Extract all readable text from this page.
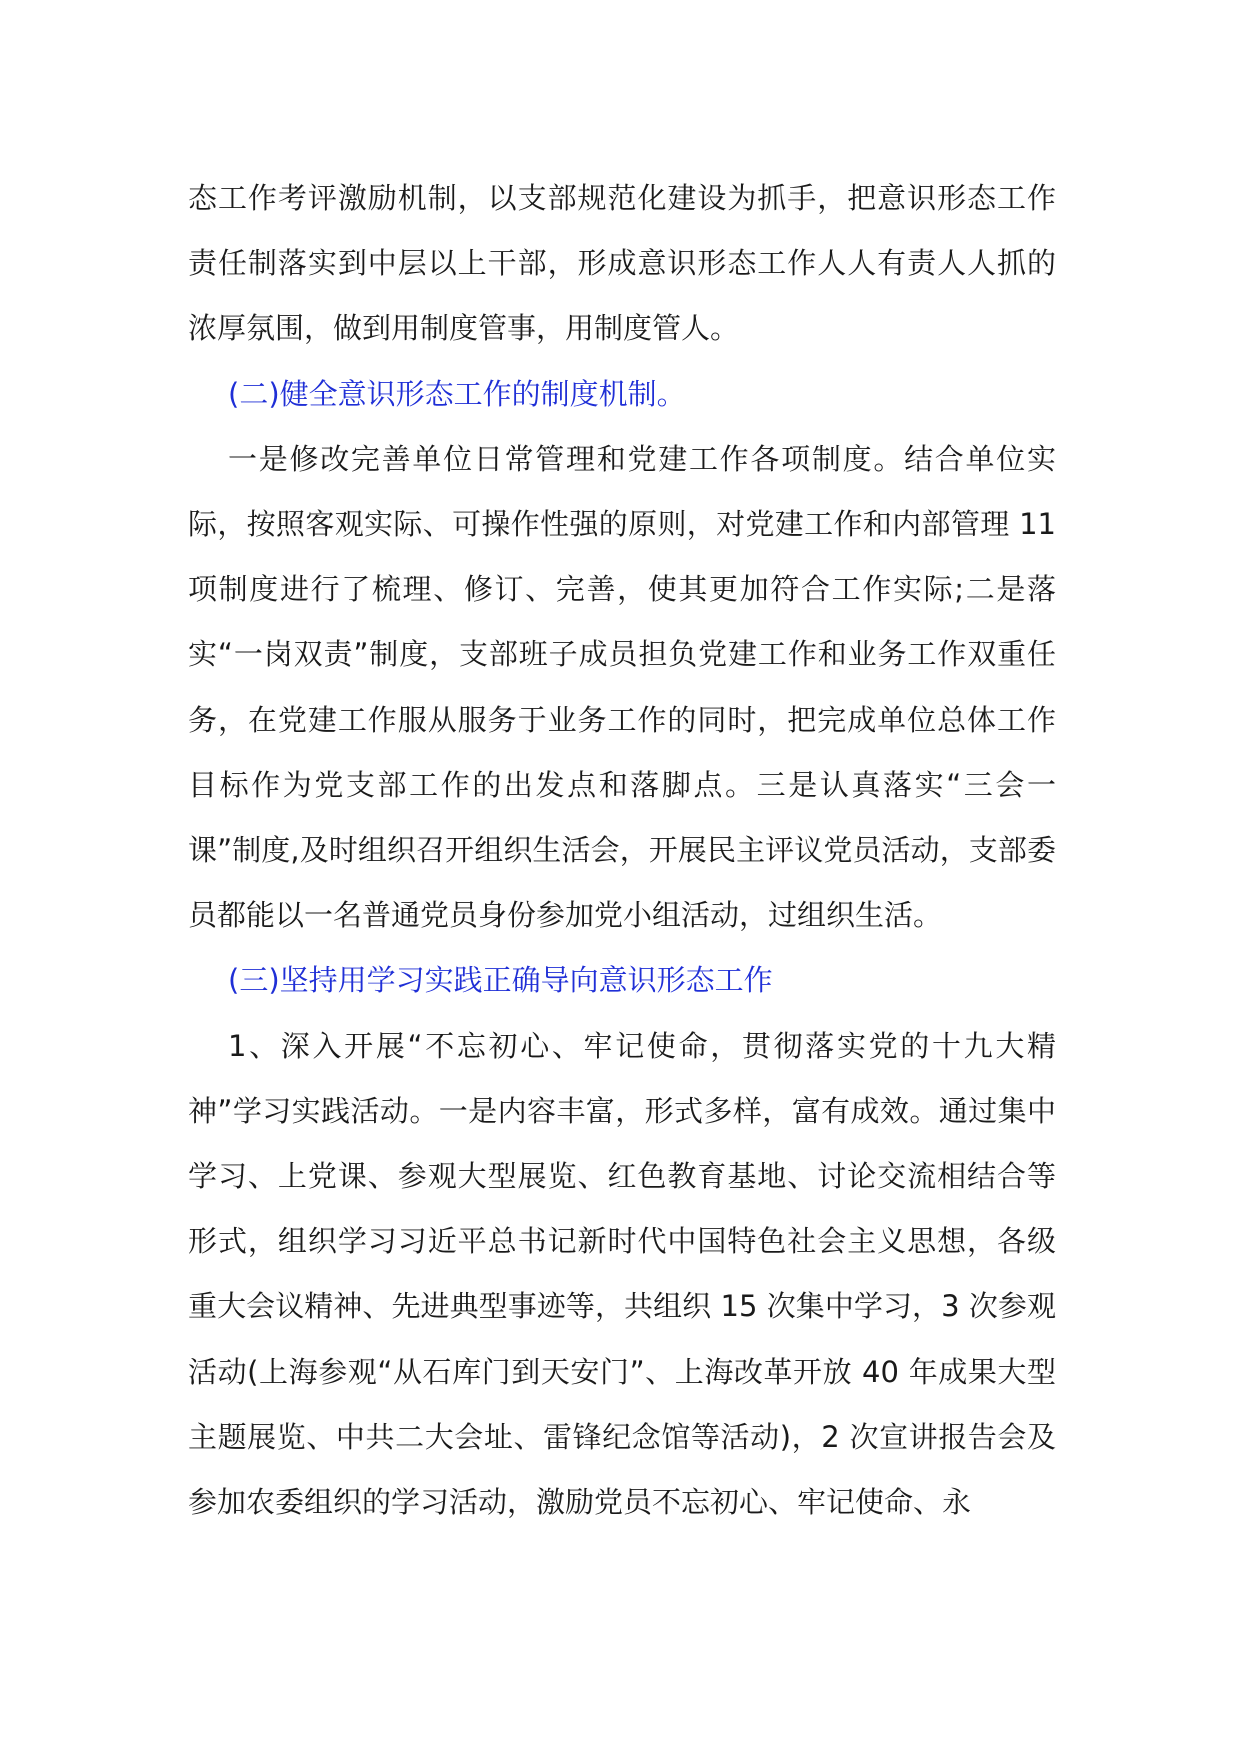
态工作考评激励机制，以支部规范化建设为抓手，把意识形态工作责任制落实到中层以上干部，形成意识形态工作人人有责人人抓的浓厚氛围，做到用制度管事，用制度管人。

(二)健全意识形态工作的制度机制。

一是修改完善单位日常管理和党建工作各项制度。结合单位实际，按照客观实际、可操作性强的原则，对党建工作和内部管理 11 项制度进行了梳理、修订、完善，使其更加符合工作实际;二是落实“一岗双责”制度，支部班子成员担负党建工作和业务工作双重任务，在党建工作服从服务于业务工作的同时，把完成单位总体工作目标作为党支部工作的出发点和落脚点。三是认真落实“三会一课”制度,及时组织召开组织生活会，开展民主评议党员活动，支部委员都能以一名普通党员身份参加党小组活动，过组织生活。

(三)坚持用学习实践正确导向意识形态工作

1、深入开展“不忘初心、牢记使命，贯彻落实党的十九大精神”学习实践活动。一是内容丰富，形式多样，富有成效。通过集中学习、上党课、参观大型展览、红色教育基地、讨论交流相结合等形式，组织学习习近平总书记新时代中国特色社会主义思想，各级重大会议精神、先进典型事迹等，共组织 15 次集中学习，3 次参观活动(上海参观“从石库门到天安门”、上海改革开放 40 年成果大型主题展览、中共二大会址、雷锋纪念馆等活动)，2 次宣讲报告会及参加农委组织的学习活动，激励党员不忘初心、牢记使命、永
